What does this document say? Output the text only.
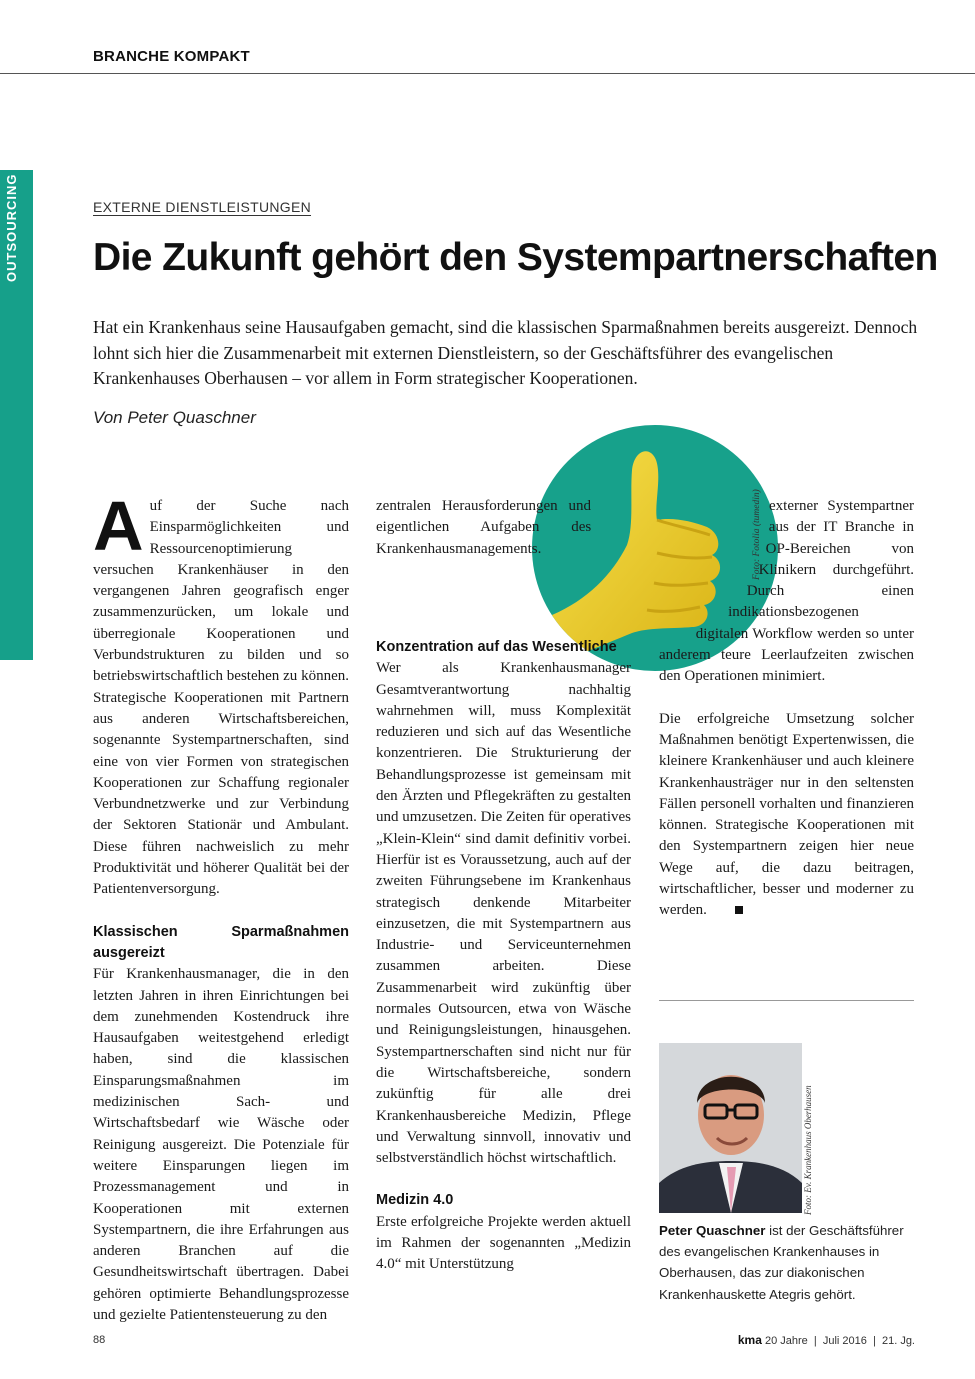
BRANCHE KOMPAKT
OUTSOURCING	EXTERNE DIENSTLEISTUNGEN
Die Zukunft gehört den Systempartnerschaften

Hat ein Krankenhaus seine Hausaufgaben gemacht, sind die klassischen Sparmaßnahmen bereits ausgereizt. Dennoch lohnt sich hier die Zusammenarbeit mit externen Dienstleistern, so der Geschäftsführer des evangelischen Krankenhauses Oberhausen – vor allem in Form strategischer Kooperationen.

Von Peter Quaschner
Foto: Fotolia (tumedin)
A uf der Suche nach Einsparmöglichkeiten und Ressourcenoptimierung versuchen Krankenhäuser in den vergangenen Jahren geografisch enger zusammenzurücken, um lokale und überregionale Kooperationen und Verbundstrukturen zu bilden und so betriebswirtschaftlich bestehen zu können. Strategische Kooperationen mit Partnern aus anderen Wirtschaftsbereichen, sogenannte Systempartnerschaften, sind eine von vier Formen von strategischen Kooperationen zur Schaffung regionaler Verbundnetzwerke und zur Verbindung der Sektoren Stationär und Ambulant. Diese führen nachweislich zu mehr Produktivität und höherer Qualität bei der Patientenversorgung.

Klassischen Sparmaßnahmen ausgereizt

Für Krankenhausmanager, die in den letzten Jahren in ihren Einrichtungen bei dem zunehmenden Kostendruck ihre Hausaufgaben weitestgehend erledigt haben, sind die klassischen Einsparungsmaßnahmen im medizinischen Sach- und Wirtschaftsbedarf wie Wäsche oder Reinigung ausgereizt. Die Potenziale für weitere Einsparungen liegen im Prozessmanagement und in Kooperationen mit externen Systempartnern, die ihre Erfahrungen aus anderen Branchen auf die Gesundheitswirtschaft übertragen. Dabei gehören optimierte Behandlungsprozesse und gezielte Patientensteuerung zu den

zentralen Herausforderungen und eigentlichen Aufgaben des Krankenhausmanagements.

Konzentration auf das Wesentliche

Wer als Krankenhausmanager Gesamtverantwortung nachhaltig wahrnehmen will, muss Komplexität reduzieren und sich auf das Wesentliche konzentrieren. Die Strukturierung der Behandlungsprozesse ist gemeinsam mit den Ärzten und Pflegekräften zu gestalten und umzusetzen. Die Zeiten für operatives „Klein-Klein“ sind damit definitiv vorbei. Hierfür ist es Voraussetzung, auch auf der zweiten Führungsebene im Krankenhaus strategisch denkende Mitarbeiter einzusetzen, die mit Systempartnern aus Industrie- und Serviceunternehmen zusammen arbeiten. Diese Zusammenarbeit wird zukünftig über normales Outsourcen, etwa von Wäsche und Reinigungsleistungen, hinausgehen. Systempartnerschaften sind nicht nur für die Wirtschaftsbereiche, sondern zukünftig für alle drei Krankenhausbereiche Medizin, Pflege und Verwaltung sinnvoll, innovativ und selbstverständlich höchst wirtschaftlich.

Medizin 4.0

Erste erfolgreiche Projekte werden aktuell im Rahmen der sogenannten „Medizin 4.0“ mit Unterstützung

externer Systempartner aus der IT Branche in OP-Bereichen von Klinikern durchgeführt. Durch einen indikationsbezogenen digitalen Workflow werden so unter anderem teure Leerlaufzeiten zwischen den Operationen minimiert.

Die erfolgreiche Umsetzung solcher Maßnahmen benötigt Expertenwissen, die kleinere Krankenhäuser und auch kleinere Krankenhausträger nur in den seltensten Fällen personell vorhalten und finanzieren können. Strategische Kooperationen mit den Systempartnern zeigen hier neue Wege auf, die dazu beitragen, wirtschaftlicher, besser und moderner zu werden.

Foto: Ev. Krankenhaus Oberhausen

Peter Quaschner ist der Geschäftsführer des evangelischen Krankenhauses in Oberhausen, das zur diakonischen Krankenhauskette Ategris gehört.

88	kma 20 Jahre  |  Juli 2016  |  21. Jg.
